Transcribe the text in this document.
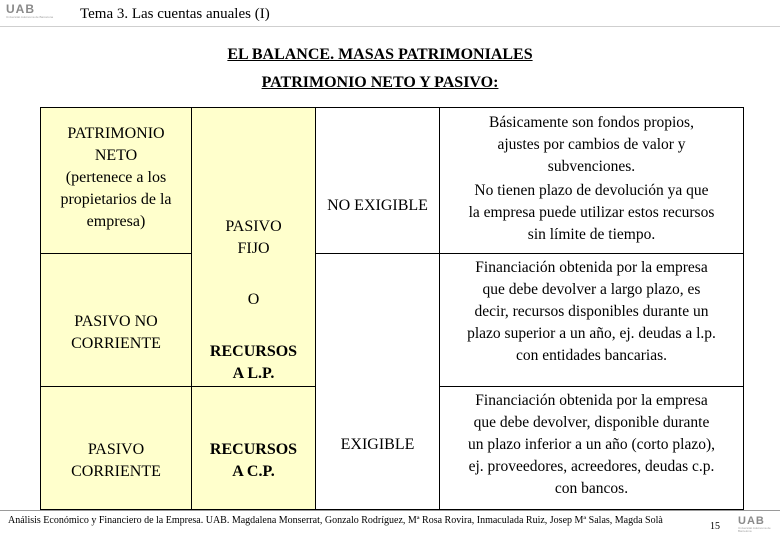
UAB
Universitat Autònoma de Barcelona Tema 3. Las cuentas anuales (I)
EL BALANCE. MASAS PATRIMONIALES
PATRIMONIO NETO Y PASIVO:
PATRIMONIO
NETO
(pertenece a los
propietarios de la
empresa)
PASIVO NO
CORRIENTE
PASIVO
CORRIENTE
PASIVO
FIJO
O
RECURSOS
A L.P.
RECURSOS
A C.P.
NO EXIGIBLE
EXIGIBLE
Básicamente son fondos propios,
ajustes por cambios de valor y
subvenciones.
No tienen plazo de devolución ya que
la empresa puede utilizar estos recursos
sin límite de tiempo.
Financiación obtenida por la empresa
que debe devolver a largo plazo, es
decir, recursos disponibles durante un
plazo superior a un año, ej. deudas a l.p.
con entidades bancarias.
Financiación obtenida por la empresa
que debe devolver, disponible durante
un plazo inferior a un año (corto plazo),
ej. proveedores, acreedores, deudas c.p.
con bancos.
Análisis Económico y Financiero de la Empresa. UAB. Magdalena Monserrat, Gonzalo Rodríguez, Mª Rosa Rovira, Inmaculada Ruiz, Josep Mª Salas, Magda Solà
15 UAB
Universitat Autònoma de Barcelona
